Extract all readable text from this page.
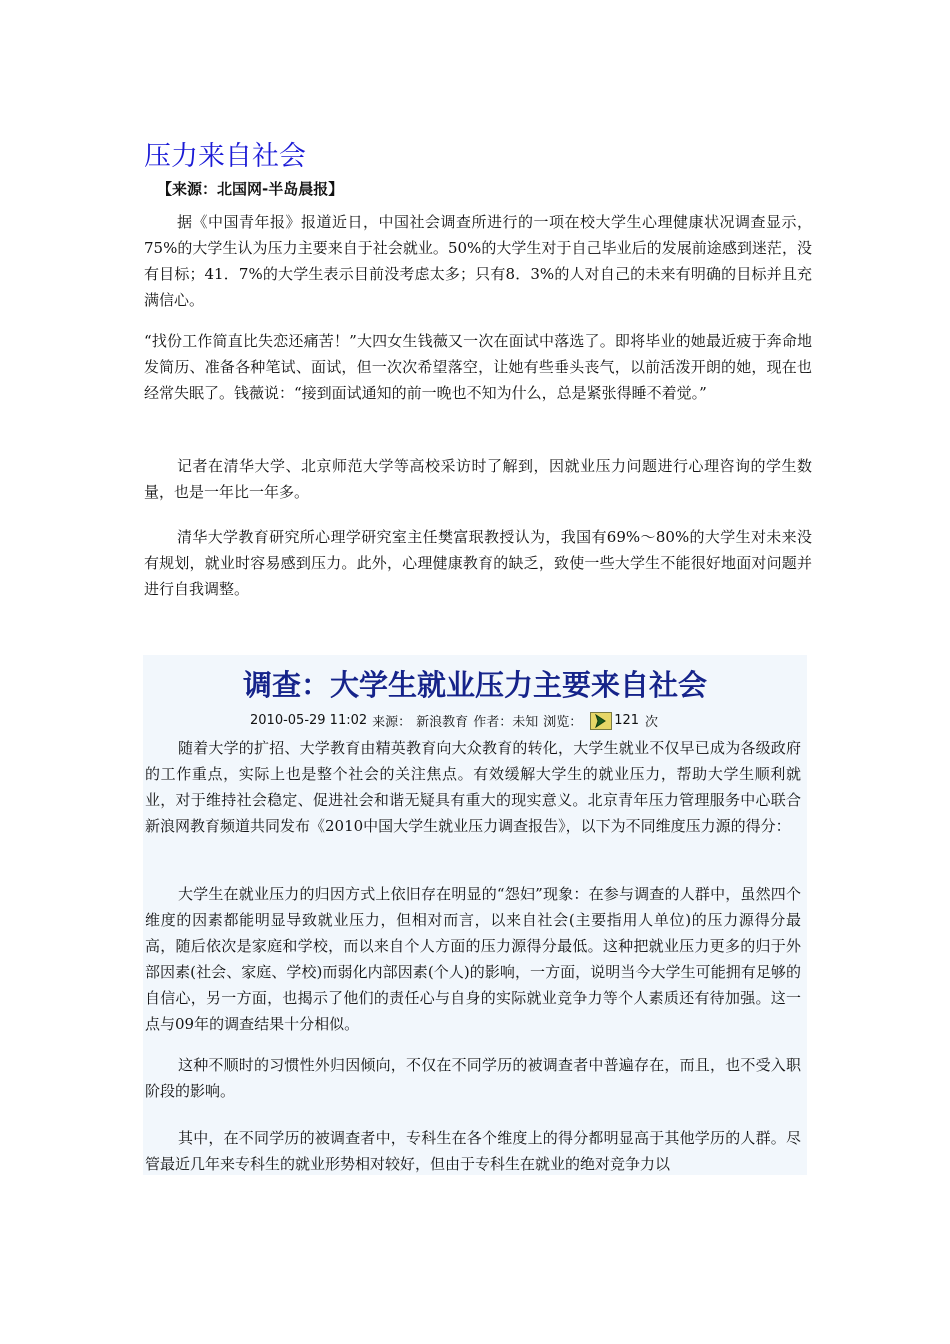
压力来自社会

【来源：北国网-半岛晨报】

据《中国青年报》报道近日，中国社会调查所进行的一项在校大学生心理健康状况调查显示，75%的大学生认为压力主要来自于社会就业。50%的大学生对于自己毕业后的发展前途感到迷茫，没有目标；41．7%的大学生表示目前没考虑太多；只有8．3%的人对自己的未来有明确的目标并且充满信心。

“找份工作简直比失恋还痛苦！”大四女生钱薇又一次在面试中落选了。即将毕业的她最近疲于奔命地发简历、准备各种笔试、面试，但一次次希望落空，让她有些垂头丧气，以前活泼开朗的她，现在也经常失眠了。钱薇说：“接到面试通知的前一晚也不知为什么，总是紧张得睡不着觉。”

记者在清华大学、北京师范大学等高校采访时了解到，因就业压力问题进行心理咨询的学生数量，也是一年比一年多。

清华大学教育研究所心理学研究室主任樊富珉教授认为，我国有69%～80%的大学生对未来没有规划，就业时容易感到压力。此外，心理健康教育的缺乏，致使一些大学生不能很好地面对问题并进行自我调整。

调查：大学生就业压力主要来自社会
2010-05-29 11:02 来源： 新浪教育 作者：未知 浏览： 121 次

随着大学的扩招、大学教育由精英教育向大众教育的转化，大学生就业不仅早已成为各级政府的工作重点，实际上也是整个社会的关注焦点。有效缓解大学生的就业压力，帮助大学生顺利就业，对于维持社会稳定、促进社会和谐无疑具有重大的现实意义。北京青年压力管理服务中心联合新浪网教育频道共同发布《2010中国大学生就业压力调查报告》，以下为不同维度压力源的得分：

大学生在就业压力的归因方式上依旧存在明显的“怨妇”现象：在参与调查的人群中，虽然四个维度的因素都能明显导致就业压力，但相对而言，以来自社会(主要指用人单位)的压力源得分最高，随后依次是家庭和学校，而以来自个人方面的压力源得分最低。这种把就业压力更多的归于外部因素(社会、家庭、学校)而弱化内部因素(个人)的影响，一方面，说明当今大学生可能拥有足够的自信心，另一方面，也揭示了他们的责任心与自身的实际就业竞争力等个人素质还有待加强。这一点与09年的调查结果十分相似。

这种不顺时的习惯性外归因倾向，不仅在不同学历的被调查者中普遍存在，而且，也不受入职阶段的影响。

其中，在不同学历的被调查者中，专科生在各个维度上的得分都明显高于其他学历的人群。尽管最近几年来专科生的就业形势相对较好，但由于专科生在就业的绝对竞争力以
